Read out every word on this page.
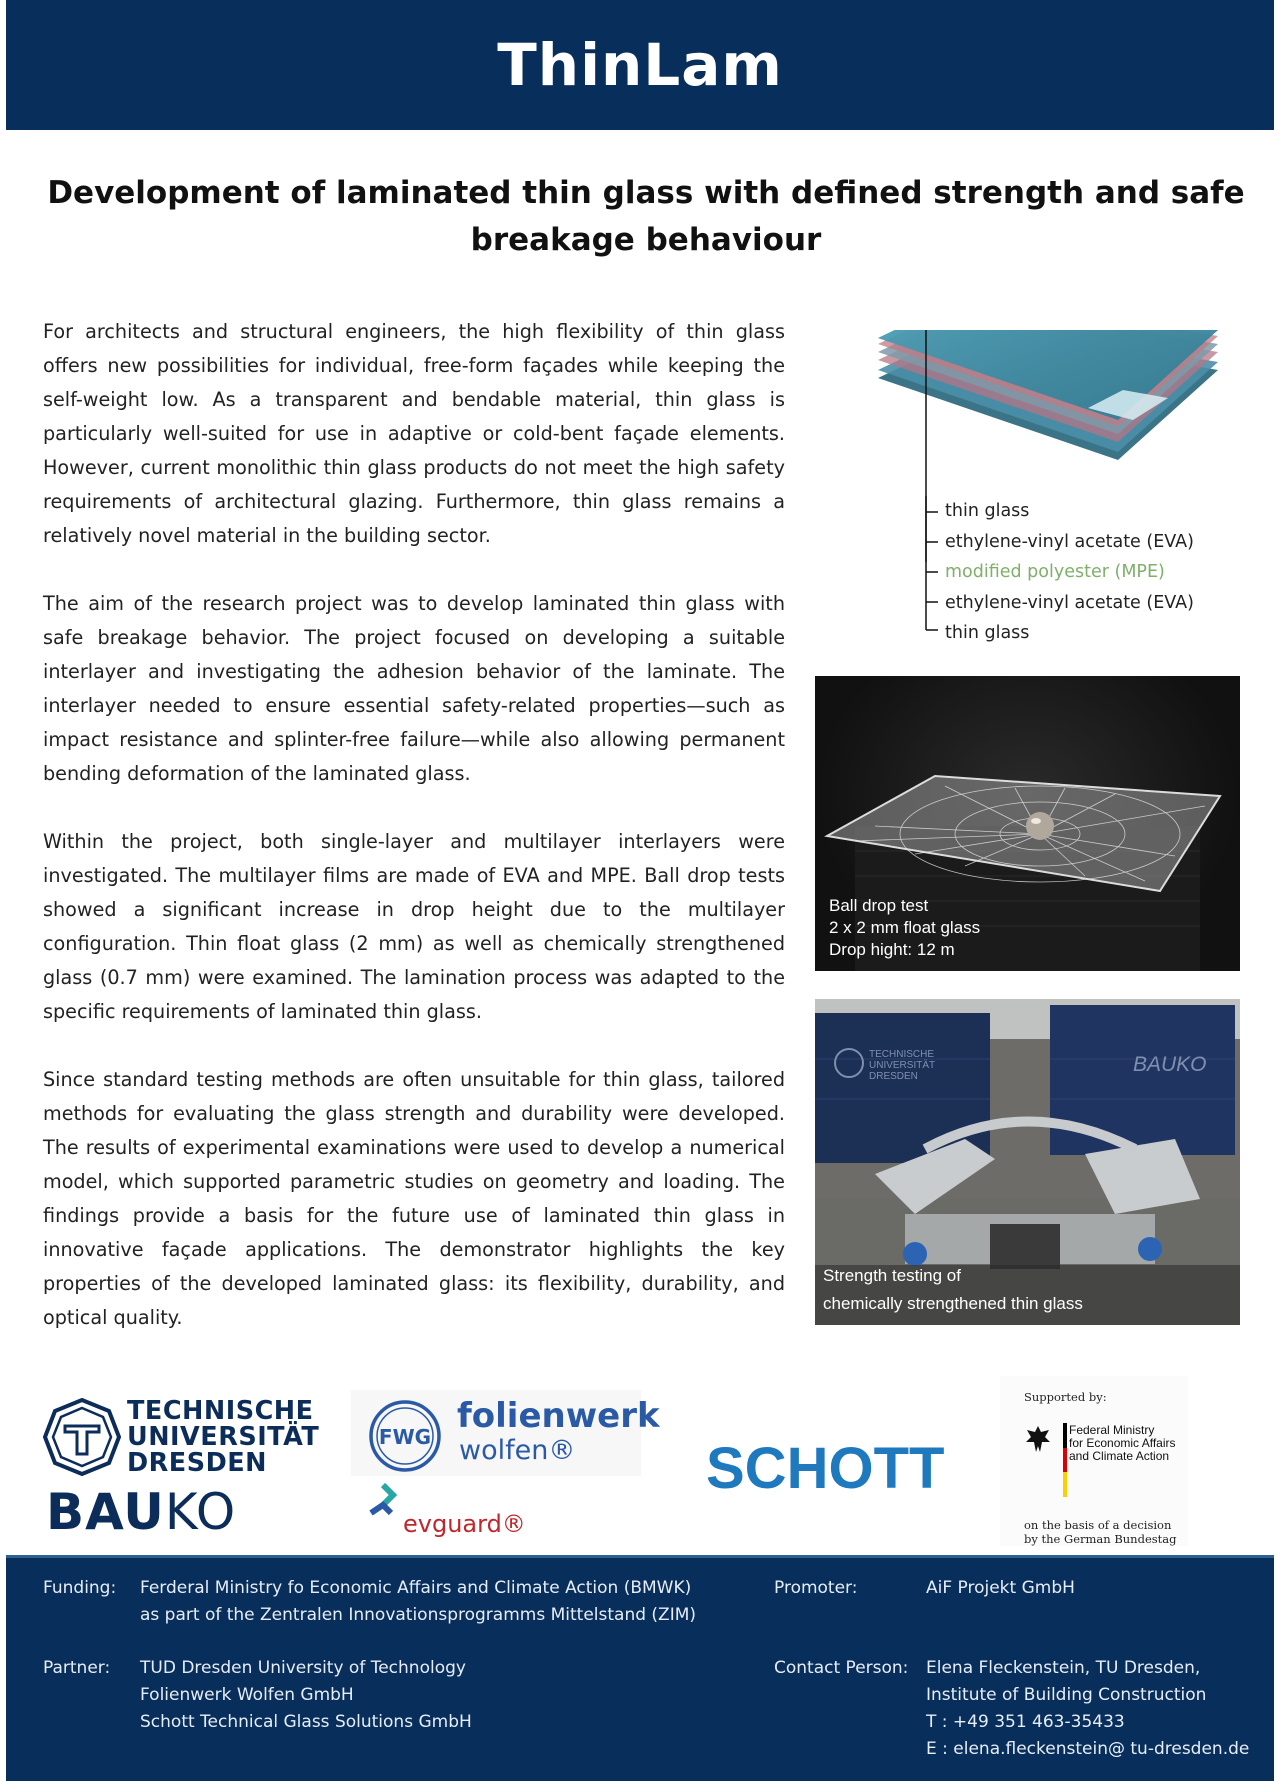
ThinLam
Development of laminated thin glass with defined strength and safe
breakage behaviour

For architects and structural engineers, the high flexibility of thin glass offers new possibilities for individual, free-form façades while keeping the self-weight low. As a transparent and bendable material, thin glass is particularly well-suited for use in adaptive or cold-bent façade elements. However, current monolithic thin glass products do not meet the high safety requirements of architectural glazing. Furthermore, thin glass remains a relatively novel material in the building sector.

The aim of the research project was to develop laminated thin glass with safe breakage behavior. The project focused on developing a suitable interlayer and investigating the adhesion behavior of the laminate. The interlayer needed to ensure essential safety-related properties—such as impact resistance and splinter-free failure—while also allowing permanent bending deformation of the laminated glass.

Within the project, both single-layer and multilayer interlayers were investigated. The multilayer films are made of EVA and MPE. Ball drop tests showed a significant increase in drop height due to the multilayer configuration. Thin float glass (2 mm) as well as chemically strengthened glass (0.7 mm) were examined. The lamination process was adapted to the specific requirements of laminated thin glass.

Since standard testing methods are often unsuitable for thin glass, tailored methods for evaluating the glass strength and durability were developed. The results of experimental examinations were used to develop a numerical model, which supported parametric studies on geometry and loading. The findings provide a basis for the future use of laminated thin glass in innovative façade applications. The demonstrator highlights the key properties of the developed laminated glass: its flexibility, durability, and optical quality.

thin glass
ethylene-vinyl acetate (EVA)
modified polyester (MPE)
ethylene-vinyl acetate (EVA)
thin glass
Ball drop test
2 x 2 mm float glass
Drop hight: 12 m
TECHNISCHE
UNIVERSITÄT
DRESDEN
BAUKO
Strength testing of
chemically strengthened thin glass
TECHNISCHE
UNIVERSITÄT
DRESDEN
BAUKO
FWG
folienwerk
wolfen®
evguard®
SCHOTT
Supported by:
Federal Ministry
for Economic Affairs
and Climate Action
on the basis of a decision
by the German Bundestag
Funding: Ferderal Ministry fo Economic Affairs and Climate Action (BMWK)
as part of the Zentralen Innovationsprogramms Mittelstand (ZIM)
Partner: TUD Dresden University of Technology
Folienwerk Wolfen GmbH
Schott Technical Glass Solutions GmbH
Promoter:	AiF Projekt GmbH
Contact Person: Elena Fleckenstein, TU Dresden,
Institute of Building Construction
T : +49 351 463-35433
E : elena.fleckenstein@ tu-dresden.de
